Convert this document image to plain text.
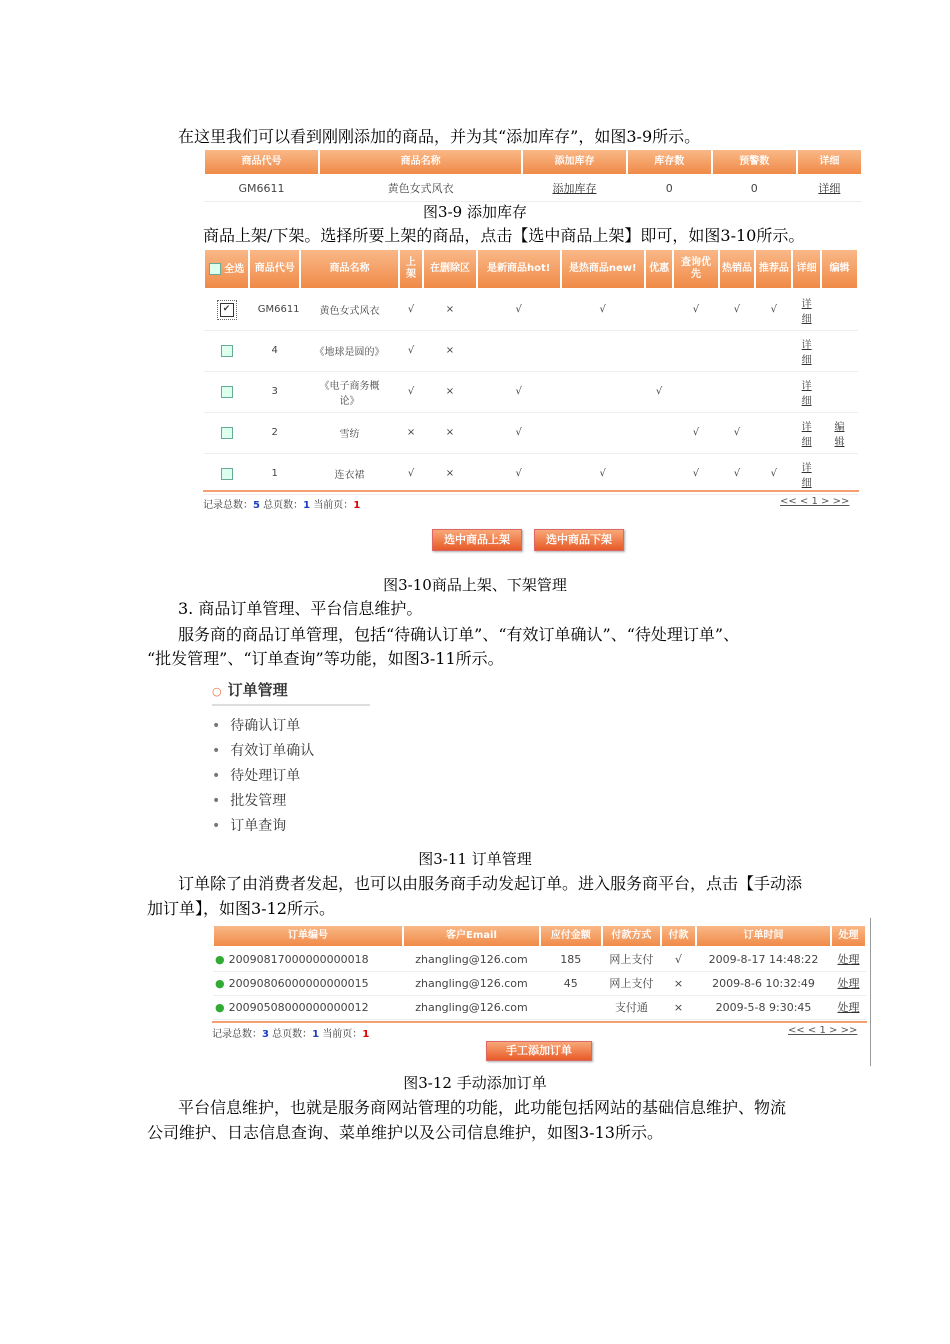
在这里我们可以看到刚刚添加的商品，并为其“添加库存”，如图3-9所示。
商品代号	商品名称	添加库存	库存数	预警数	详细
GM6611	黄色女式风衣	添加库存	0	0	详细
图3-9 添加库存
商品上架/下架。选择所要上架的商品，点击【选中商品上架】即可，如图3-10所示。
全选	商品代号	商品名称	上架	在删除区	是新商品hot!	是热商品new!	优惠	查询优先	热销品	推荐品	详细	编辑
✔	GM6611	黄色女式风衣	√	×	√	√		√	√	√	详细	
	4	《地球是圆的》	√	×							详细	
	3	《电子商务概论》	√	×	√		√				详细	
	2	雪纺	×	×	√			√	√		详细	编辑
	1	连衣裙	√	×	√	√		√	√	√	详细	
记录总数：5 总页数：1 当前页：1	<< < 1 > >>
选中商品上架	选中商品下架
图3-10商品上架、下架管理
3. 商品订单管理、平台信息维护。
服务商的商品订单管理，包括“待确认订单”、“有效订单确认”、“待处理订单”、
“批发管理”、“订单查询”等功能，如图3-11所示。
○ 订单管理
• 待确认订单
• 有效订单确认
• 待处理订单
• 批发管理
• 订单查询
图3-11 订单管理
订单除了由消费者发起，也可以由服务商手动发起订单。进入服务商平台，点击【手动添
加订单】，如图3-12所示。
订单编号	客户Email	应付金额	付款方式	付款	订单时间	处理
● 20090817000000000018	zhangling@126.com	185	网上支付	√	2009-8-17 14:48:22	处理
● 20090806000000000015	zhangling@126.com	45	网上支付	×	2009-8-6 10:32:49	处理
● 20090508000000000012	zhangling@126.com		支付通	×	2009-5-8 9:30:45	处理
记录总数：3 总页数：1 当前页：1	<< < 1 > >>
手工添加订单
图3-12 手动添加订单
平台信息维护，也就是服务商网站管理的功能，此功能包括网站的基础信息维护、物流
公司维护、日志信息查询、菜单维护以及公司信息维护，如图3-13所示。
